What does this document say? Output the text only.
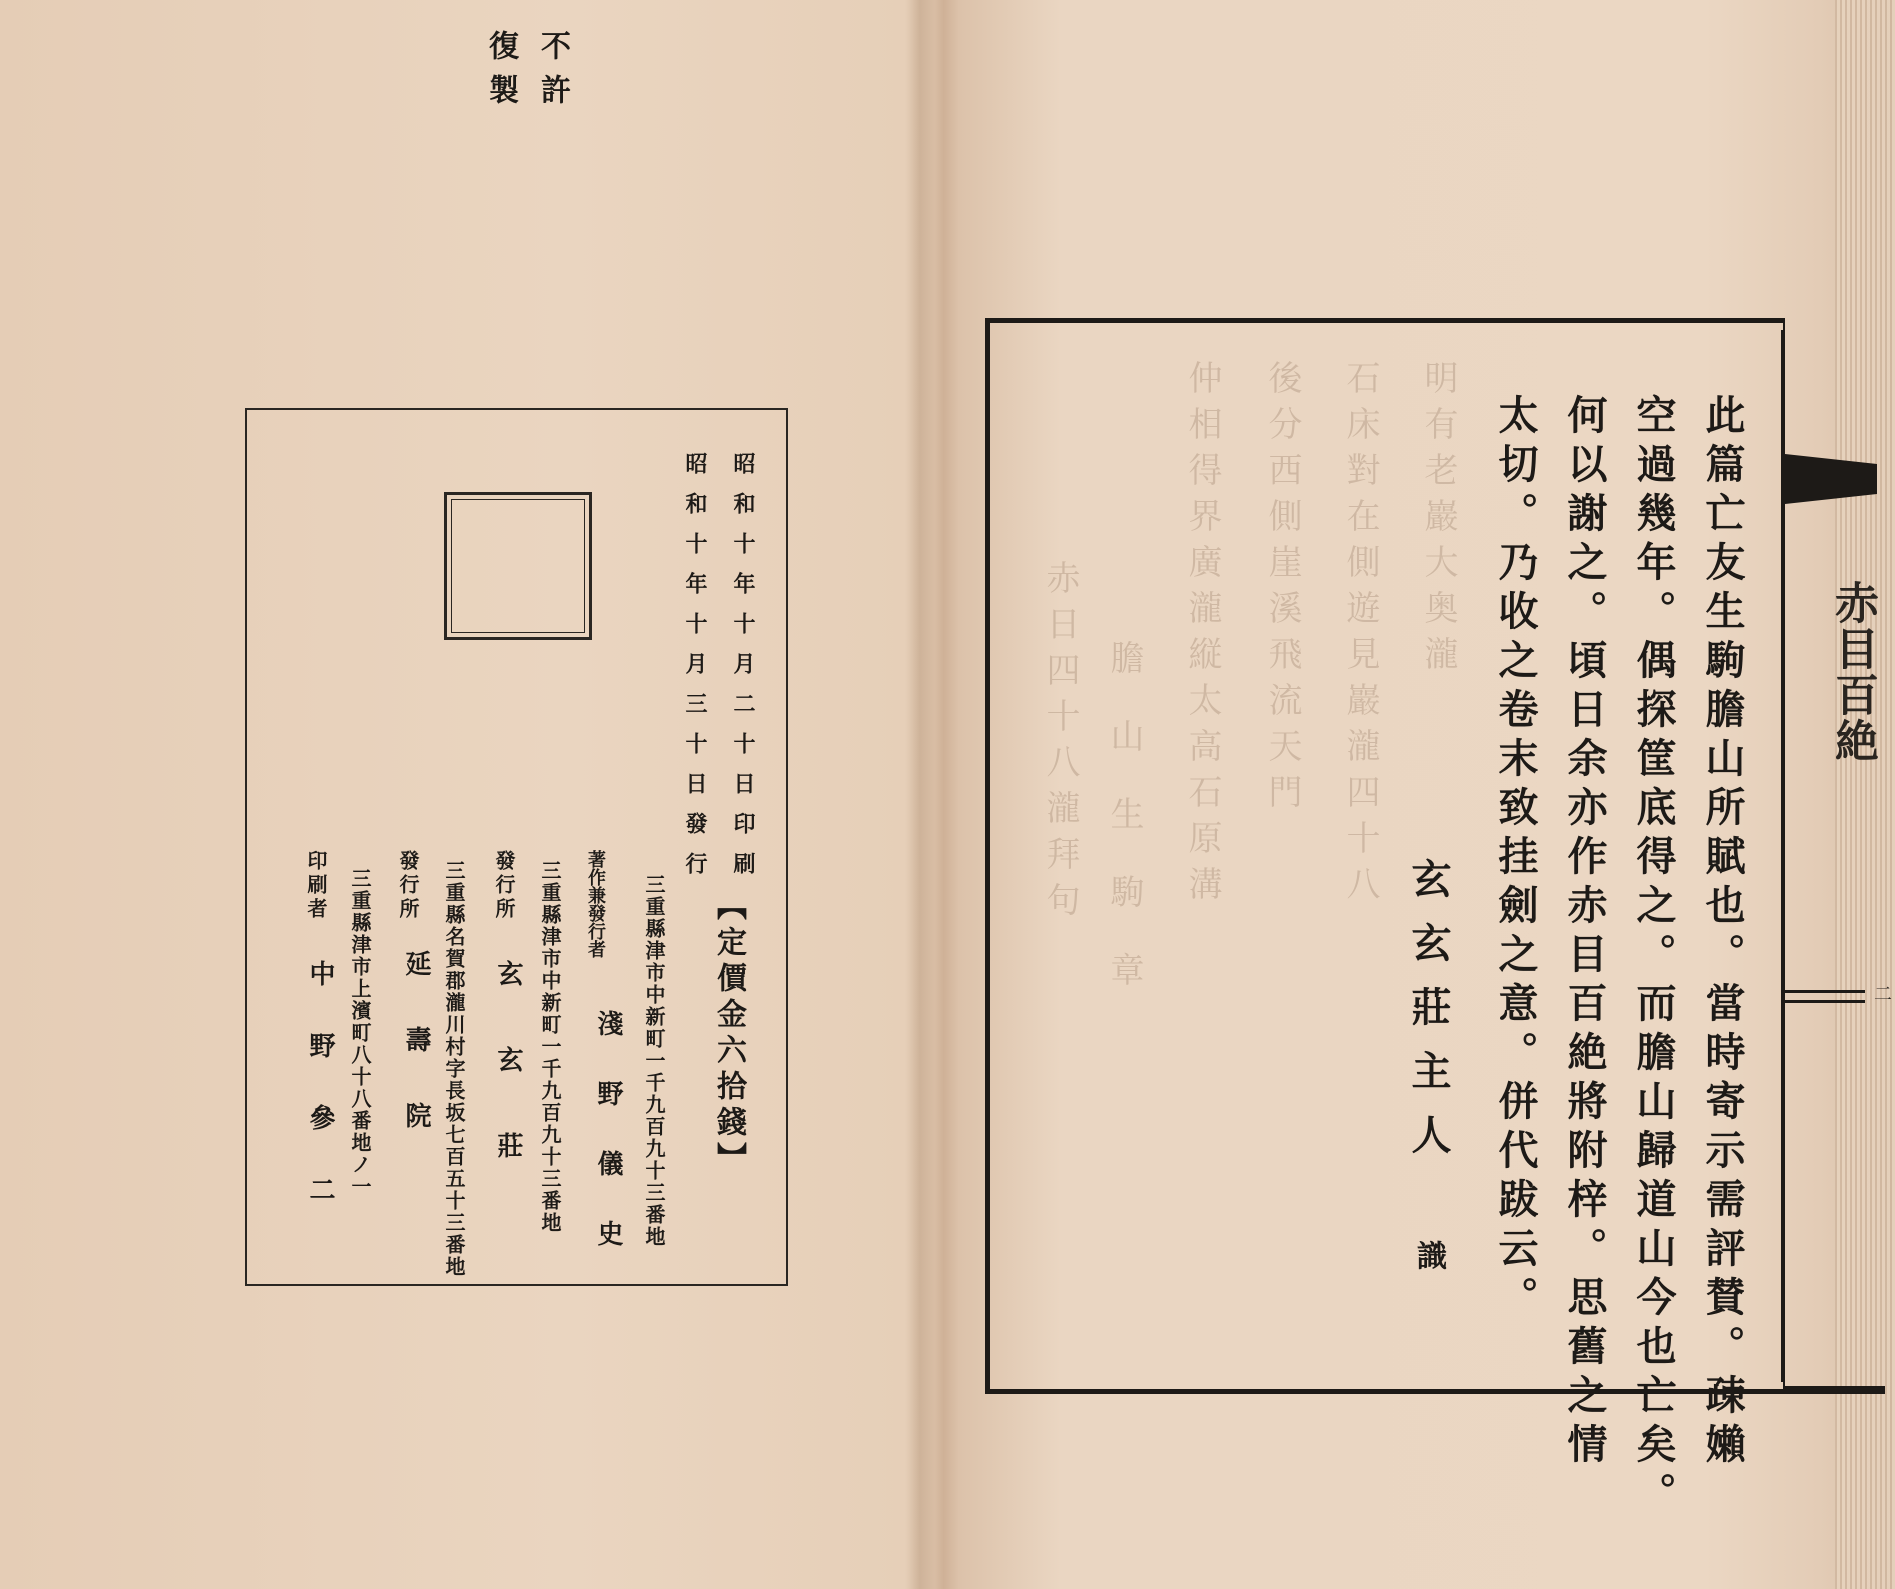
不許
復製
昭和十年十月二十日印刷
昭和十年十月三十日發行
【定價金六拾錢】
三重縣津市中新町一千九百九十三番地
著作兼發行者
淺野儀史
三重縣津市中新町一千九百九十三番地
發行所
玄玄莊
三重縣名賀郡瀧川村字長坂七百五十三番地
發行所
延壽院
三重縣津市上濱町八十八番地ノ一
印刷者
中野參二
赤日四十八瀧拜句 膽山生駒章 仲相得界廣瀧縦太高石原溝 後分西側崖溪飛流天門 石床對在側遊見巖瀧四十八 明有老巖大奥瀧	此篇亡友生駒膽山所賦也。當時寄示需評賛。疎嬾
空過幾年。偶探筐底得之。而膽山歸道山今也亡矣。
何以謝之。頃日余亦作赤目百絶將附梓。思舊之情
太切。乃收之卷末致挂劍之意。併代跋云。
玄玄莊主人
識
赤目百絶
二
